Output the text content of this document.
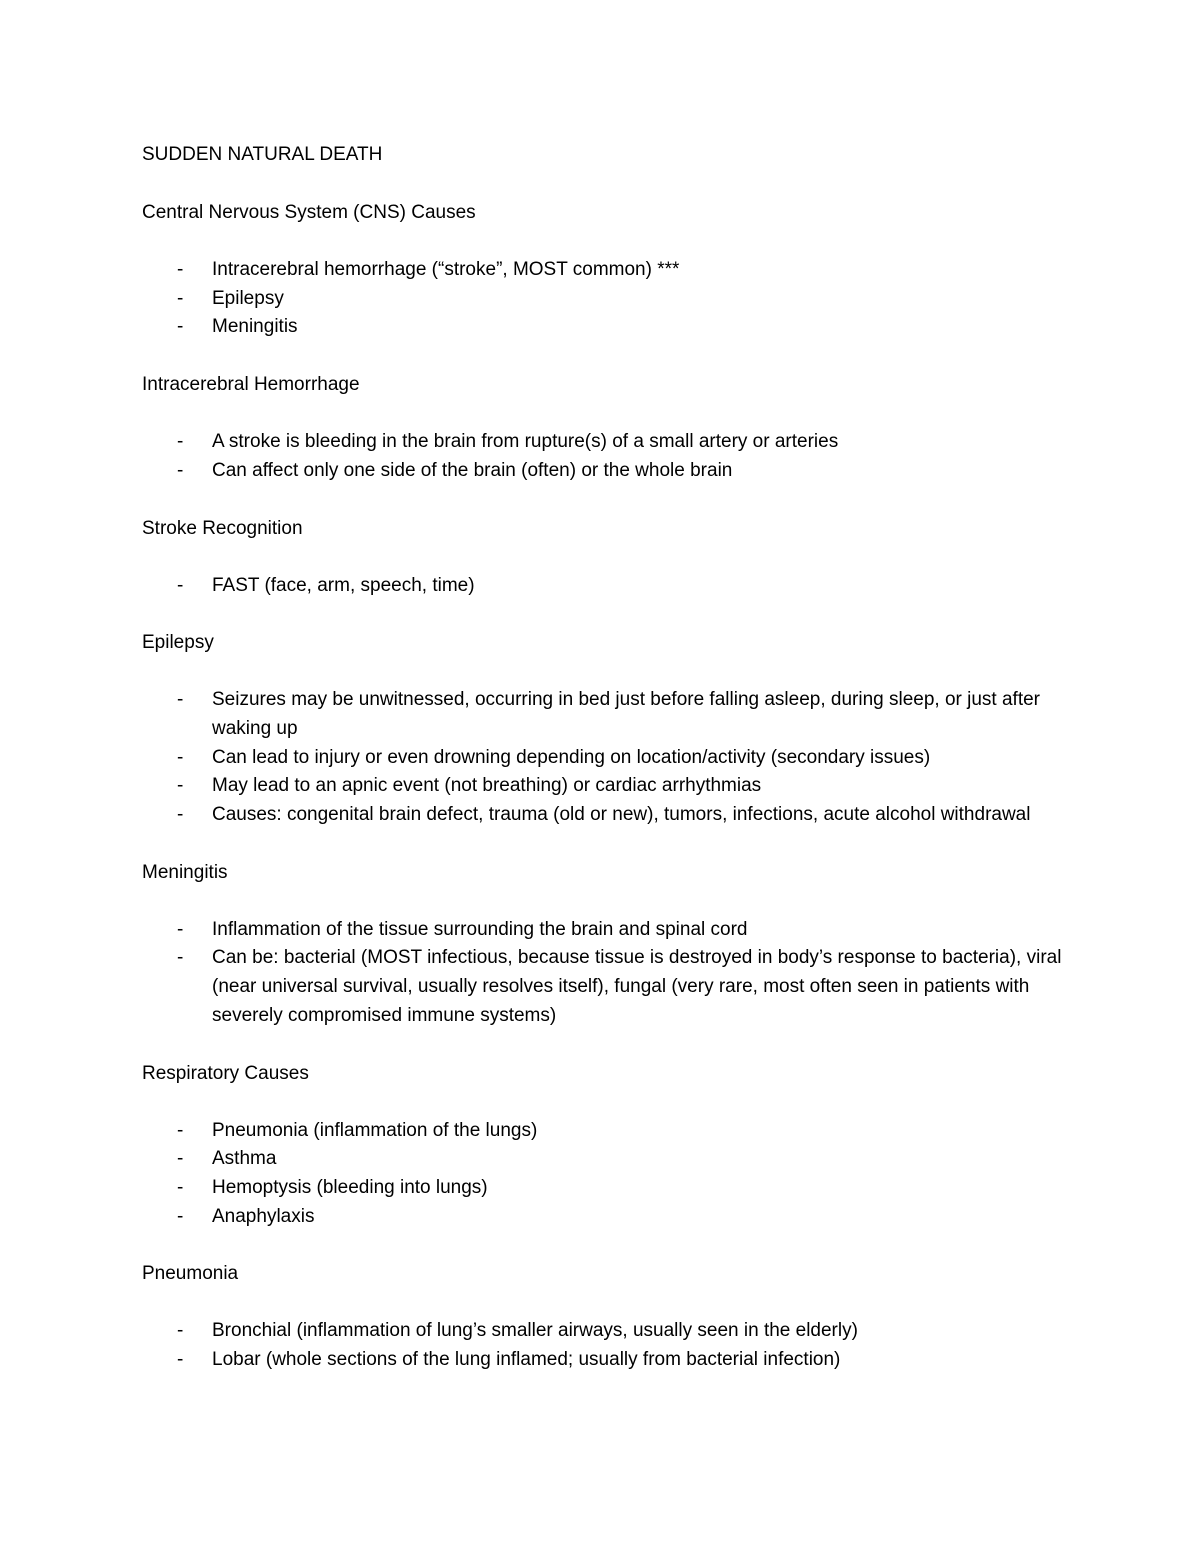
SUDDEN NATURAL DEATH
Central Nervous System (CNS) Causes
- Intracerebral hemorrhage (“stroke”, MOST common) ***
- Epilepsy
- Meningitis
Intracerebral Hemorrhage
- A stroke is bleeding in the brain from rupture(s) of a small artery or arteries
- Can affect only one side of the brain (often) or the whole brain
Stroke Recognition
- FAST (face, arm, speech, time)
Epilepsy
- Seizures may be unwitnessed, occurring in bed just before falling asleep, during sleep, or just after waking up
- Can lead to injury or even drowning depending on location/activity (secondary issues)
- May lead to an apnic event (not breathing) or cardiac arrhythmias
- Causes: congenital brain defect, trauma (old or new), tumors, infections, acute alcohol withdrawal
Meningitis
- Inflammation of the tissue surrounding the brain and spinal cord
- Can be: bacterial (MOST infectious, because tissue is destroyed in body’s response to bacteria), viral (near universal survival, usually resolves itself), fungal (very rare, most often seen in patients with severely compromised immune systems)
Respiratory Causes
- Pneumonia (inflammation of the lungs)
- Asthma
- Hemoptysis (bleeding into lungs)
- Anaphylaxis
Pneumonia
- Bronchial (inflammation of lung’s smaller airways, usually seen in the elderly)
- Lobar (whole sections of the lung inflamed; usually from bacterial infection)
